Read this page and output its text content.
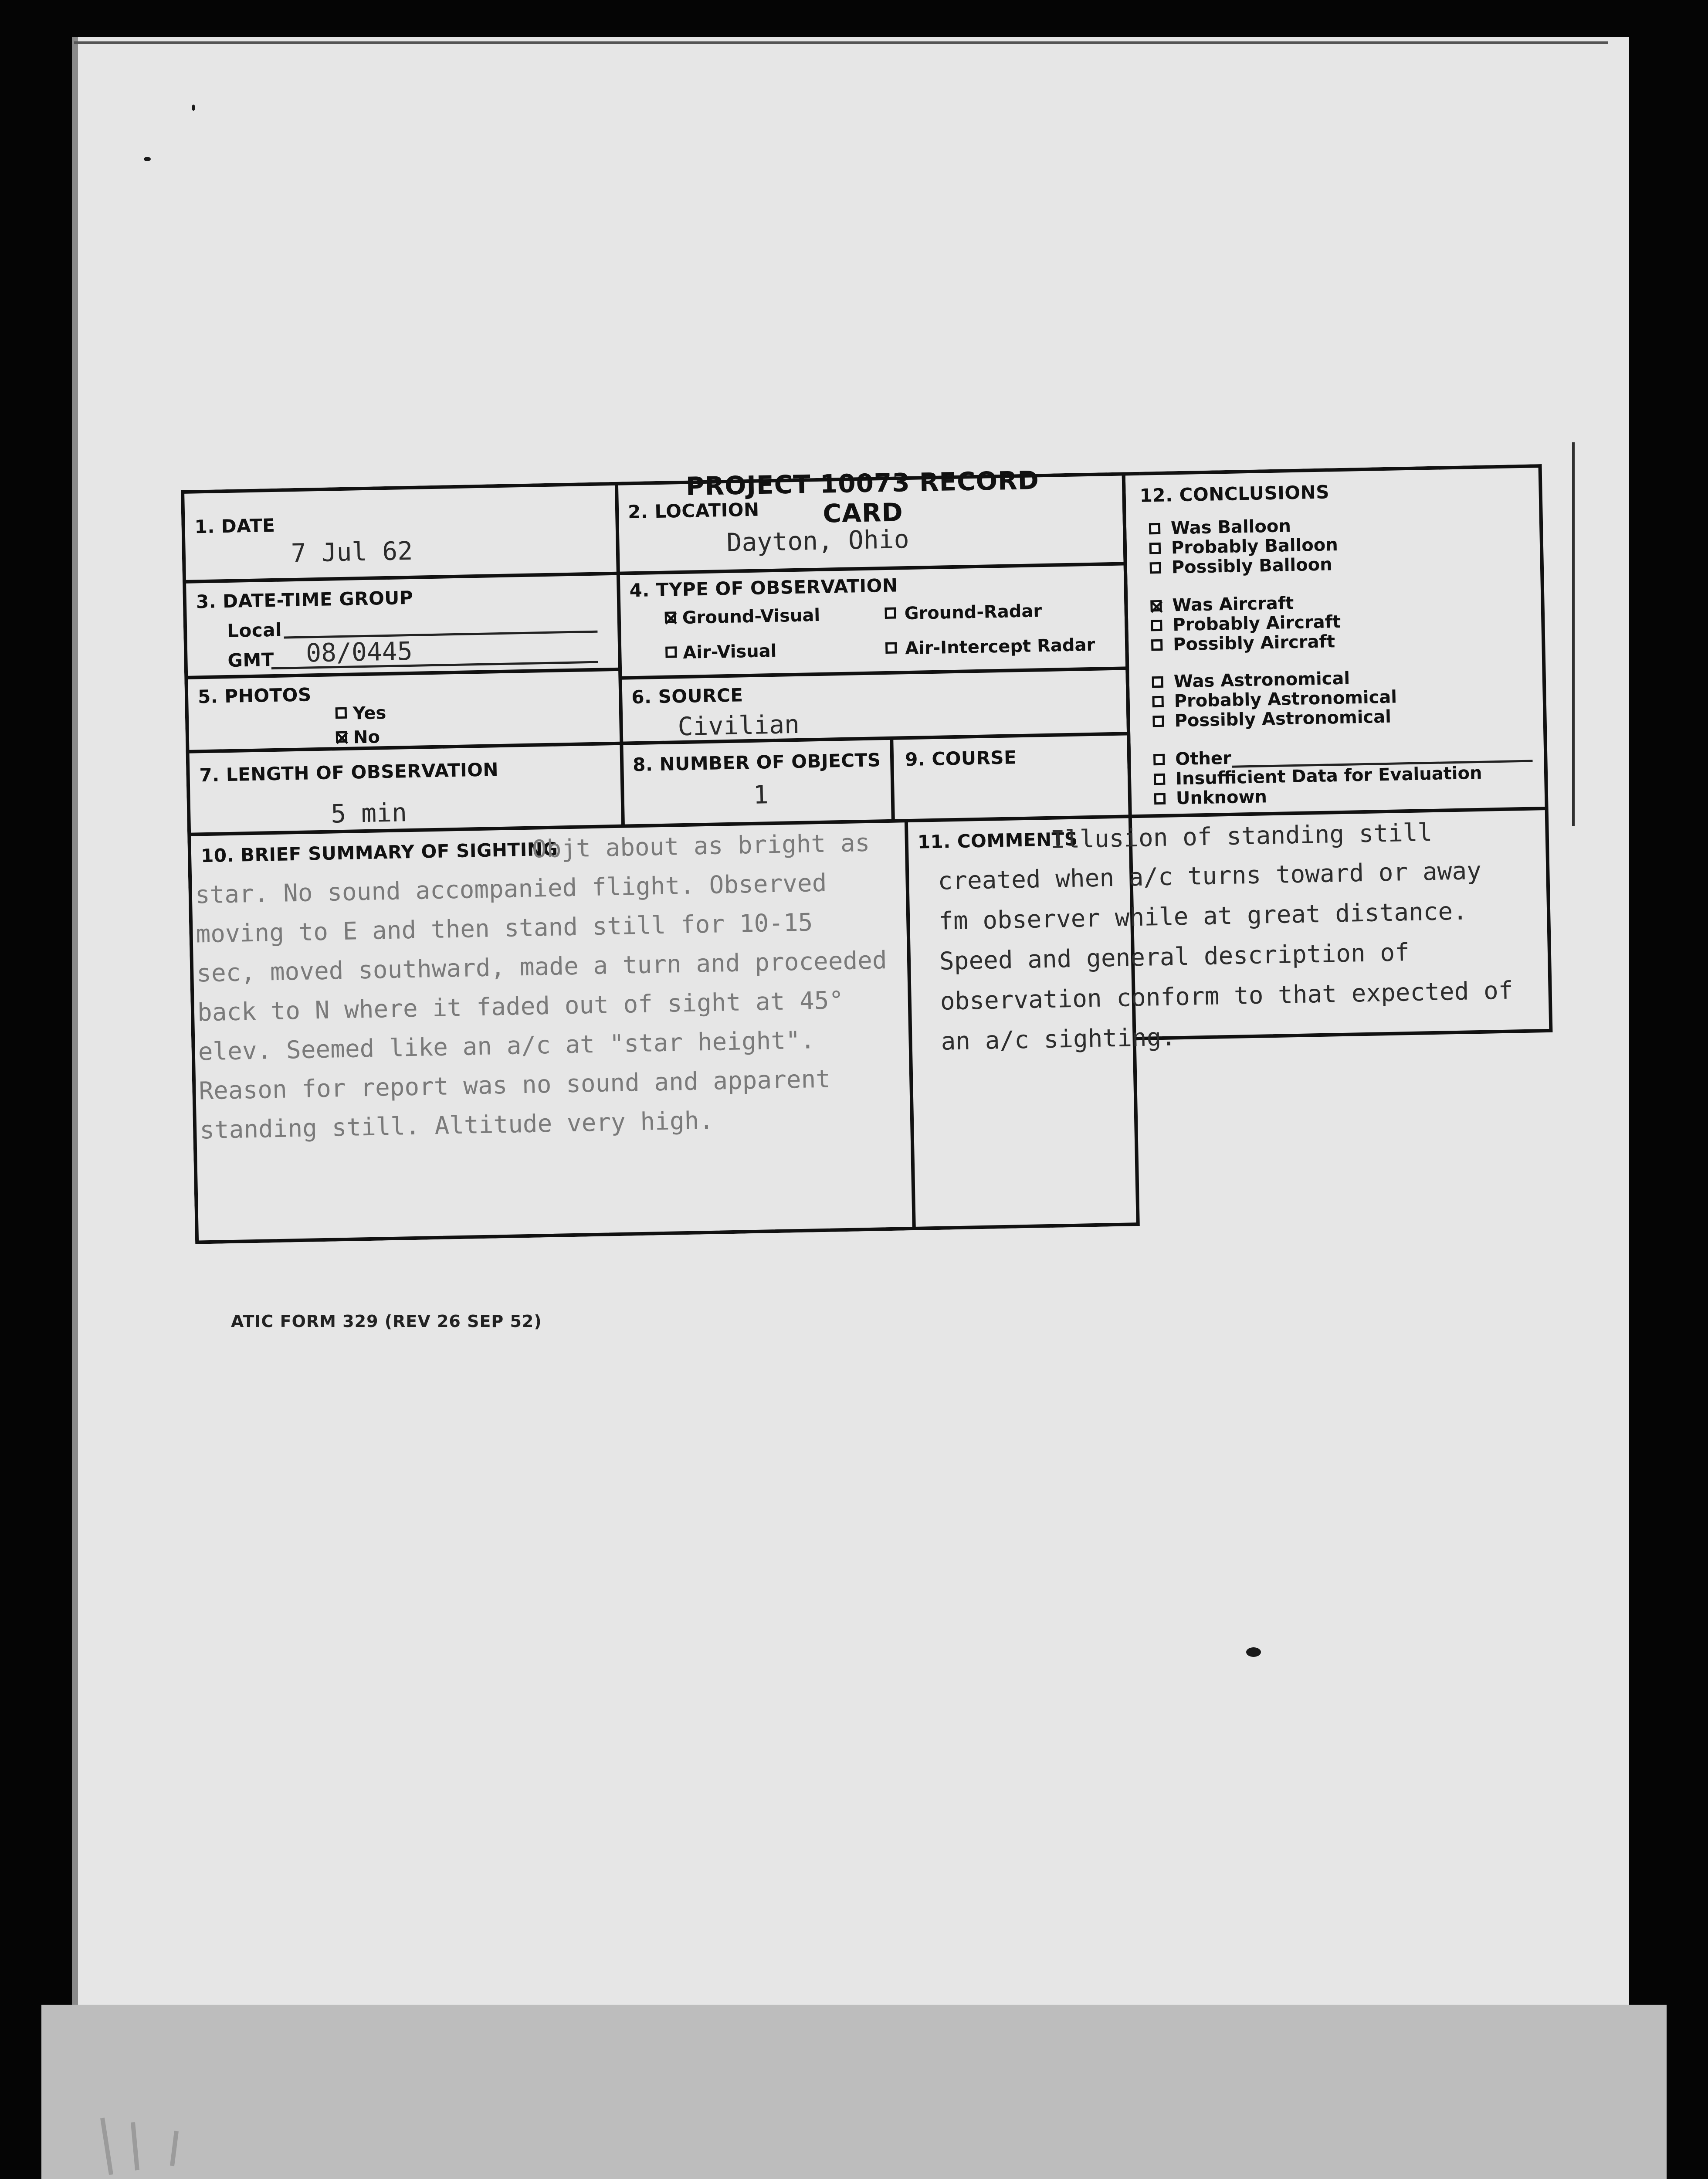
PROJECT 10073 RECORD CARD
1. DATE
7 Jul 62
2. LOCATION
Dayton, Ohio
3. DATE-TIME GROUP
Local
GMT 08/0445
4. TYPE OF OBSERVATION
Ground-Visual	Ground-Radar
Air-Visual	Air-Intercept Radar
5. PHOTOS
Yes
No
6. SOURCE
Civilian
7. LENGTH OF OBSERVATION
5 min
8. NUMBER OF OBJECTS
1
9. COURSE
10. BRIEF SUMMARY OF SIGHTING
Objt about as bright as
star. No sound accompanied flight. Observed
moving to E and then stand still for 10-15
sec, moved southward, made a turn and proceeded
back to N where it faded out of sight at 45°
elev. Seemed like an a/c at "star height".
Reason for report was no sound and apparent
standing still. Altitude very high.
11. COMMENTS
Illusion of standing still
created when a/c turns toward or away
fm observer while at great distance.
Speed and general description of
observation conform to that expected of
an a/c sighting.
12. CONCLUSIONS
Was Balloon
Probably Balloon
Possibly Balloon
Was Aircraft
Probably Aircraft
Possibly Aircraft
Was Astronomical
Probably Astronomical
Possibly Astronomical
Other
Insufficient Data for Evaluation
Unknown
ATIC FORM 329 (REV 26 SEP 52)
